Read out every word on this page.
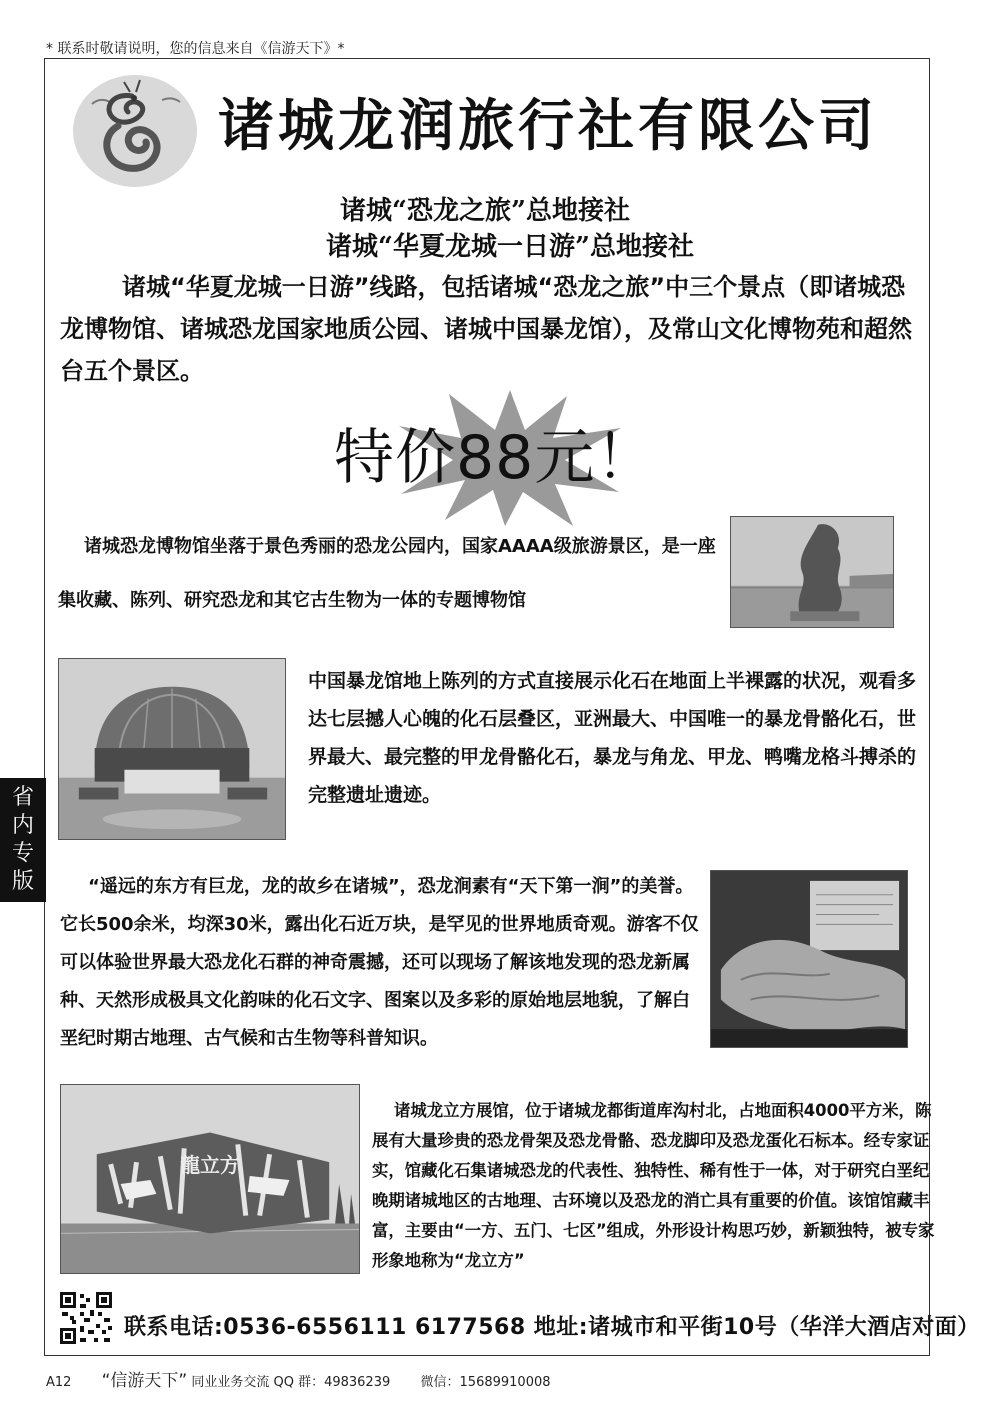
* 联系时敬请说明，您的信息来自《信游天下》*
诸城龙润旅行社有限公司
诸城“恐龙之旅”总地接社
诸城“华夏龙城一日游”总地接社
诸城“华夏龙城一日游”线路，包括诸城“恐龙之旅”中三个景点（即诸城恐龙博物馆、诸城恐龙国家地质公园、诸城中国暴龙馆），及常山文化博物苑和超然台五个景区。
特价88元！
诸城恐龙博物馆坐落于景色秀丽的恐龙公园内，国家AAAA级旅游景区，是一座集收藏、陈列、研究恐龙和其它古生物为一体的专题博物馆
中国暴龙馆地上陈列的方式直接展示化石在地面上半裸露的状况，观看多达七层撼人心魄的化石层叠区，亚洲最大、中国唯一的暴龙骨骼化石，世界最大、最完整的甲龙骨骼化石，暴龙与角龙、甲龙、鸭嘴龙格斗搏杀的完整遗址遗迹。
省
内
专
版	“遥远的东方有巨龙，龙的故乡在诸城”，恐龙涧素有“天下第一涧”的美誉。它长500余米，均深30米，露出化石近万块，是罕见的世界地质奇观。游客不仅可以体验世界最大恐龙化石群的神奇震撼，还可以现场了解该地发现的恐龙新属种、天然形成极具文化韵味的化石文字、图案以及多彩的原始地层地貌，了解白垩纪时期古地理、古气候和古生物等科普知识。
龍立方
诸城龙立方展馆，位于诸城龙都街道库沟村北，占地面积4000平方米，陈展有大量珍贵的恐龙骨架及恐龙骨骼、恐龙脚印及恐龙蛋化石标本。经专家证实，馆藏化石集诸城恐龙的代表性、独特性、稀有性于一体，对于研究白垩纪晚期诸城地区的古地理、古环境以及恐龙的消亡具有重要的价值。该馆馆藏丰富，主要由“一方、五门、七区”组成，外形设计构思巧妙，新颖独特，被专家形象地称为“龙立方”
联系电话:0536-6556111 6177568 地址:诸城市和平街10号（华洋大酒店对面）
A12 “信游天下” 同业业务交流 QQ 群：49836239 微信：15689910008
